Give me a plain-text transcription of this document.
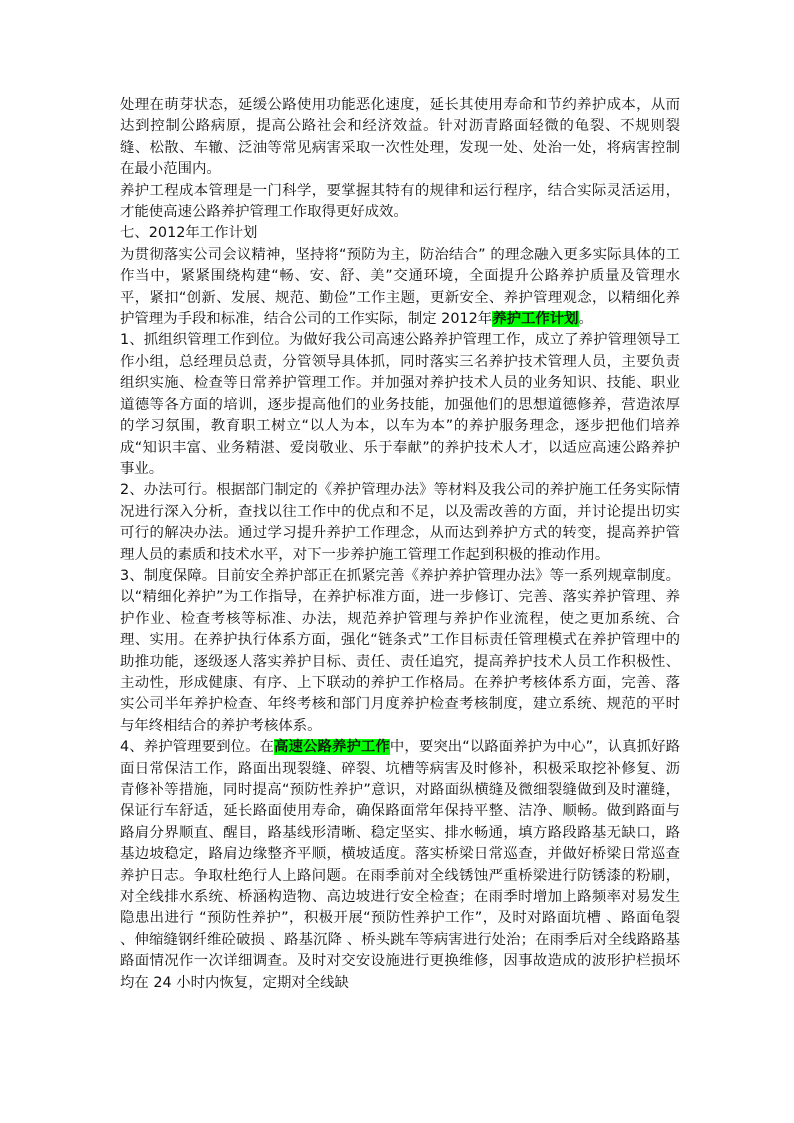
处理在萌芽状态，延缓公路使用功能恶化速度，延长其使用寿命和节约养护成本，从而达到控制公路病原，提高公路社会和经济效益。针对沥青路面轻微的龟裂、不规则裂缝、松散、车辙、泛油等常见病害采取一次性处理，发现一处、处治一处，将病害控制在最小范围内。

养护工程成本管理是一门科学，要掌握其特有的规律和运行程序，结合实际灵活运用，才能使高速公路养护管理工作取得更好成效。

七、2012年工作计划

为贯彻落实公司会议精神，坚持将“预防为主，防治结合” 的理念融入更多实际具体的工作当中，紧紧围绕构建“畅、安、舒、美”交通环境，全面提升公路养护质量及管理水平，紧扣“创新、发展、规范、勤俭”工作主题，更新安全、养护管理观念，以精细化养护管理为手段和标准，结合公司的工作实际，制定 2012年养护工作计划。

1、抓组织管理工作到位。为做好我公司高速公路养护管理工作，成立了养护管理领导工作小组，总经理员总责，分管领导具体抓，同时落实三名养护技术管理人员，主要负责组织实施、检查等日常养护管理工作。并加强对养护技术人员的业务知识、技能、职业道德等各方面的培训，逐步提高他们的业务技能，加强他们的思想道德修养，营造浓厚的学习氛围，教育职工树立“以人为本，以车为本”的养护服务理念，逐步把他们培养成“知识丰富、业务精湛、爱岗敬业、乐于奉献”的养护技术人才，以适应高速公路养护事业。

2、办法可行。根据部门制定的《养护管理办法》等材料及我公司的养护施工任务实际情况进行深入分析，查找以往工作中的优点和不足，以及需改善的方面，并讨论提出切实可行的解决办法。通过学习提升养护工作理念，从而达到养护方式的转变，提高养护管理人员的素质和技术水平，对下一步养护施工管理工作起到积极的推动作用。

3、制度保障。目前安全养护部正在抓紧完善《养护养护管理办法》等一系列规章制度。以“精细化养护”为工作指导，在养护标准方面，进一步修订、完善、落实养护管理、养护作业、检查考核等标准、办法，规范养护管理与养护作业流程，使之更加系统、合理、实用。在养护执行体系方面，强化“链条式”工作目标责任管理模式在养护管理中的助推功能，逐级逐人落实养护目标、责任、责任追究，提高养护技术人员工作积极性、主动性，形成健康、有序、上下联动的养护工作格局。在养护考核体系方面，完善、落实公司半年养护检查、年终考核和部门月度养护检查考核制度，建立系统、规范的平时与年终相结合的养护考核体系。

4、养护管理要到位。在高速公路养护工作中，要突出“以路面养护为中心”，认真抓好路面日常保洁工作，路面出现裂缝、碎裂、坑槽等病害及时修补，积极采取挖补修复、沥青修补等措施，同时提高“预防性养护”意识，对路面纵横缝及微细裂缝做到及时灌缝，保证行车舒适，延长路面使用寿命，确保路面常年保持平整、洁净、顺畅。做到路面与路肩分界顺直、醒目，路基线形清晰、稳定坚实、排水畅通，填方路段路基无缺口，路基边坡稳定，路肩边缘整齐平顺，横坡适度。落实桥梁日常巡查，并做好桥梁日常巡查养护日志。争取杜绝行人上路问题。在雨季前对全线锈蚀严重桥梁进行防锈漆的粉刷，对全线排水系统、桥涵构造物、高边坡进行安全检查；在雨季时增加上路频率对易发生隐患出进行 “预防性养护”，积极开展“预防性养护工作”，及时对路面坑槽 、路面龟裂 、伸缩缝钢纤维砼破损 、路基沉降 、桥头跳车等病害进行处治；在雨季后对全线路路基路面情况作一次详细调查。及时对交安设施进行更换维修，因事故造成的波形护栏损坏均在 24 小时内恢复，定期对全线缺
